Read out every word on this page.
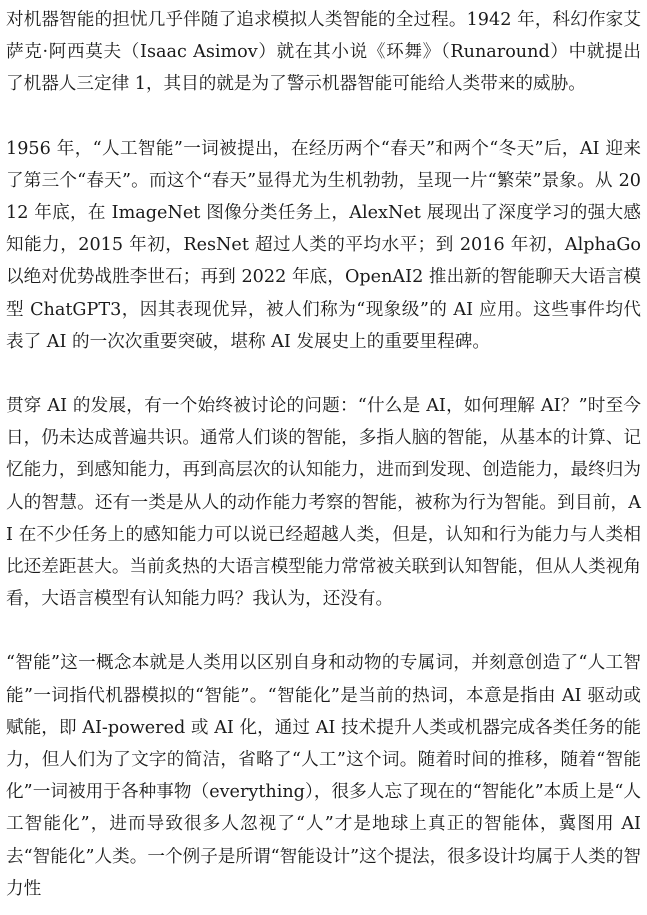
对机器智能的担忧几乎伴随了追求模拟人类智能的全过程。1942 年，科幻作家艾萨克·阿西莫夫（Isaac Asimov）就在其小说《环舞》（Runaround）中就提出了机器人三定律 1，其目的就是为了警示机器智能可能给人类带来的威胁。

1956 年，“人工智能”一词被提出，在经历两个“春天”和两个“冬天”后，AI 迎来了第三个“春天”。而这个“春天”显得尤为生机勃勃，呈现一片“繁荣”景象。从 2012 年底，在 ImageNet 图像分类任务上，AlexNet 展现出了深度学习的强大感知能力，2015 年初，ResNet 超过人类的平均水平；到 2016 年初，AlphaGo 以绝对优势战胜李世石；再到 2022 年底，OpenAI2 推出新的智能聊天大语言模型 ChatGPT3，因其表现优异，被人们称为“现象级”的 AI 应用。这些事件均代表了 AI 的一次次重要突破，堪称 AI 发展史上的重要里程碑。

贯穿 AI 的发展，有一个始终被讨论的问题：“什么是 AI，如何理解 AI？”时至今日，仍未达成普遍共识。通常人们谈的智能，多指人脑的智能，从基本的计算、记忆能力，到感知能力，再到高层次的认知能力，进而到发现、创造能力，最终归为人的智慧。还有一类是从人的动作能力考察的智能，被称为行为智能。到目前，AI 在不少任务上的感知能力可以说已经超越人类，但是，认知和行为能力与人类相比还差距甚大。当前炙热的大语言模型能力常常被关联到认知智能，但从人类视角看，大语言模型有认知能力吗？我认为，还没有。

“智能”这一概念本就是人类用以区别自身和动物的专属词，并刻意创造了“人工智能”一词指代机器模拟的“智能”。“智能化”是当前的热词，本意是指由 AI 驱动或赋能，即 AI-powered 或 AI 化，通过 AI 技术提升人类或机器完成各类任务的能力，但人们为了文字的简洁，省略了“人工”这个词。随着时间的推移，随着“智能化”一词被用于各种事物（everything），很多人忘了现在的“智能化”本质上是“人工智能化”，进而导致很多人忽视了“人”才是地球上真正的智能体，冀图用 AI 去“智能化”人类。一个例子是所谓“智能设计”这个提法，很多设计均属于人类的智力性
